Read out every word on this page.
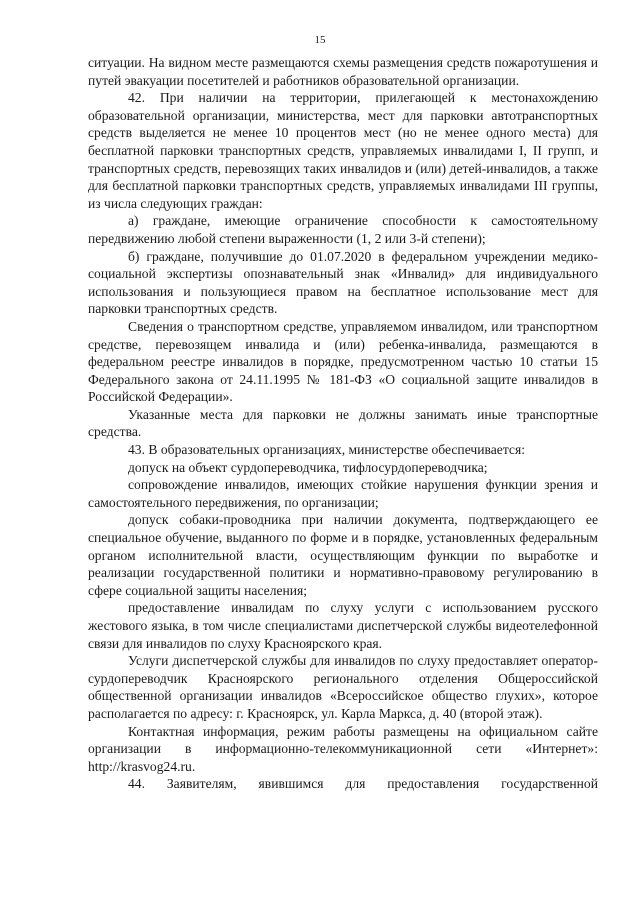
15

ситуации. На видном месте размещаются схемы размещения средств пожаротушения и путей эвакуации посетителей и работников образовательной организации.

42. При наличии на территории, прилегающей к местонахождению образовательной организации, министерства, мест для парковки автотранспортных средств выделяется не менее 10 процентов мест (но не менее одного места) для бесплатной парковки транспортных средств, управляемых инвалидами I, II групп, и транспортных средств, перевозящих таких инвалидов и (или) детей-инвалидов, а также для бесплатной парковки транспортных средств, управляемых инвалидами III группы, из числа следующих граждан:

а) граждане, имеющие ограничение способности к самостоятельному передвижению любой степени выраженности (1, 2 или 3-й степени);

б) граждане, получившие до 01.07.2020 в федеральном учреждении медико-социальной экспертизы опознавательный знак «Инвалид» для индивидуального использования и пользующиеся правом на бесплатное использование мест для парковки транспортных средств.

Сведения о транспортном средстве, управляемом инвалидом, или транспортном средстве, перевозящем инвалида и (или) ребенка-инвалида, размещаются в федеральном реестре инвалидов в порядке, предусмотренном частью 10 статьи 15 Федерального закона от 24.11.1995 № 181-ФЗ «О социальной защите инвалидов в Российской Федерации».

Указанные места для парковки не должны занимать иные транспортные средства.

43. В образовательных организациях, министерстве обеспечивается:

допуск на объект сурдопереводчика, тифлосурдопереводчика;

сопровождение инвалидов, имеющих стойкие нарушения функции зрения и самостоятельного передвижения, по организации;

допуск собаки-проводника при наличии документа, подтверждающего ее специальное обучение, выданного по форме и в порядке, установленных федеральным органом исполнительной власти, осуществляющим функции по выработке и реализации государственной политики и нормативно-правовому регулированию в сфере социальной защиты населения;

предоставление инвалидам по слуху услуги с использованием русского жестового языка, в том числе специалистами диспетчерской службы видеотелефонной связи для инвалидов по слуху Красноярского края.

Услуги диспетчерской службы для инвалидов по слуху предоставляет оператор-сурдопереводчик Красноярского регионального отделения Общероссийской общественной организации инвалидов «Всероссийское общество глухих», которое располагается по адресу: г. Красноярск, ул. Карла Маркса, д. 40 (второй этаж).

Контактная информация, режим работы размещены на официальном сайте организации в информационно-телекоммуникационной сети «Интернет»: http://krasvog24.ru.

44. Заявителям, явившимся для предоставления государственной
